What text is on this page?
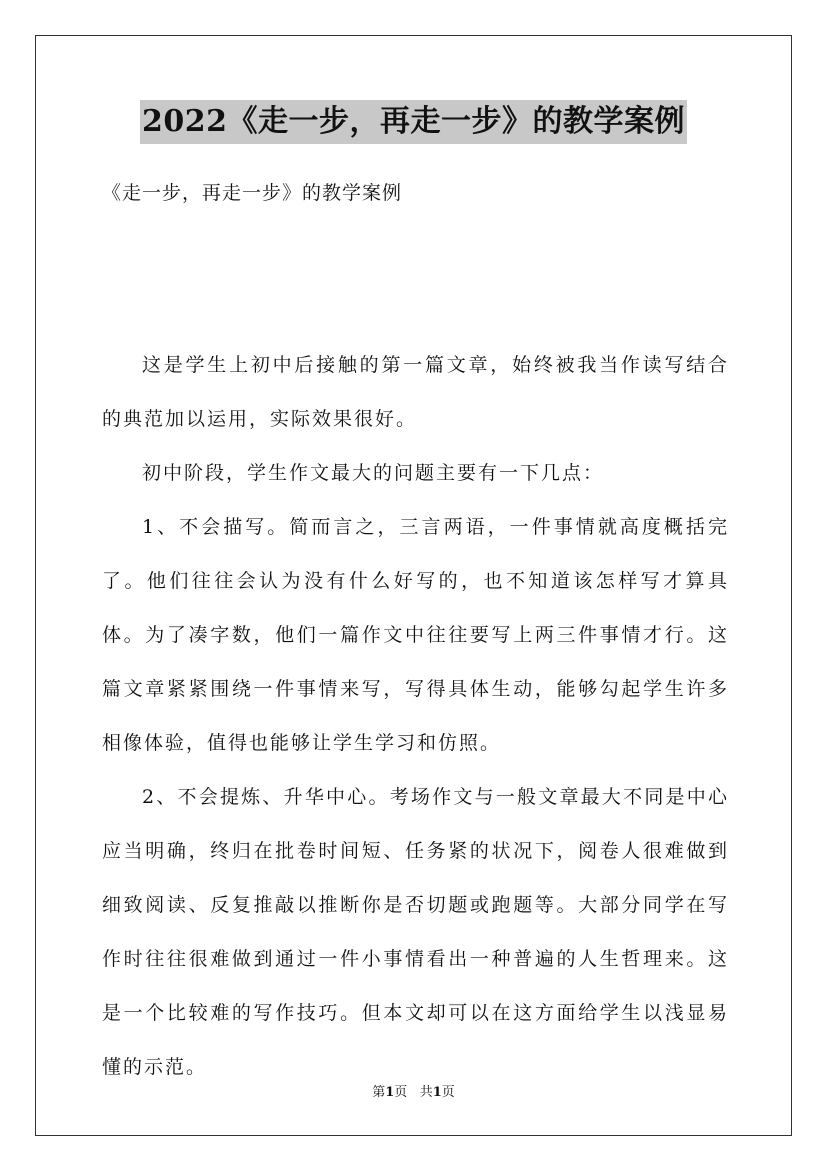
2022《走一步，再走一步》的教学案例
《走一步，再走一步》的教学案例

这是学生上初中后接触的第一篇文章，始终被我当作读写结合的典范加以运用，实际效果很好。

初中阶段，学生作文最大的问题主要有一下几点：

1、不会描写。简而言之，三言两语，一件事情就高度概括完了。他们往往会认为没有什么好写的，也不知道该怎样写才算具体。为了凑字数，他们一篇作文中往往要写上两三件事情才行。这篇文章紧紧围绕一件事情来写，写得具体生动，能够勾起学生许多相像体验，值得也能够让学生学习和仿照。

2、不会提炼、升华中心。考场作文与一般文章最大不同是中心应当明确，终归在批卷时间短、任务紧的状况下，阅卷人很难做到细致阅读、反复推敲以推断你是否切题或跑题等。大部分同学在写作时往往很难做到通过一件小事情看出一种普遍的人生哲理来。这是一个比较难的写作技巧。但本文却可以在这方面给学生以浅显易懂的示范。

第1页 共1页
